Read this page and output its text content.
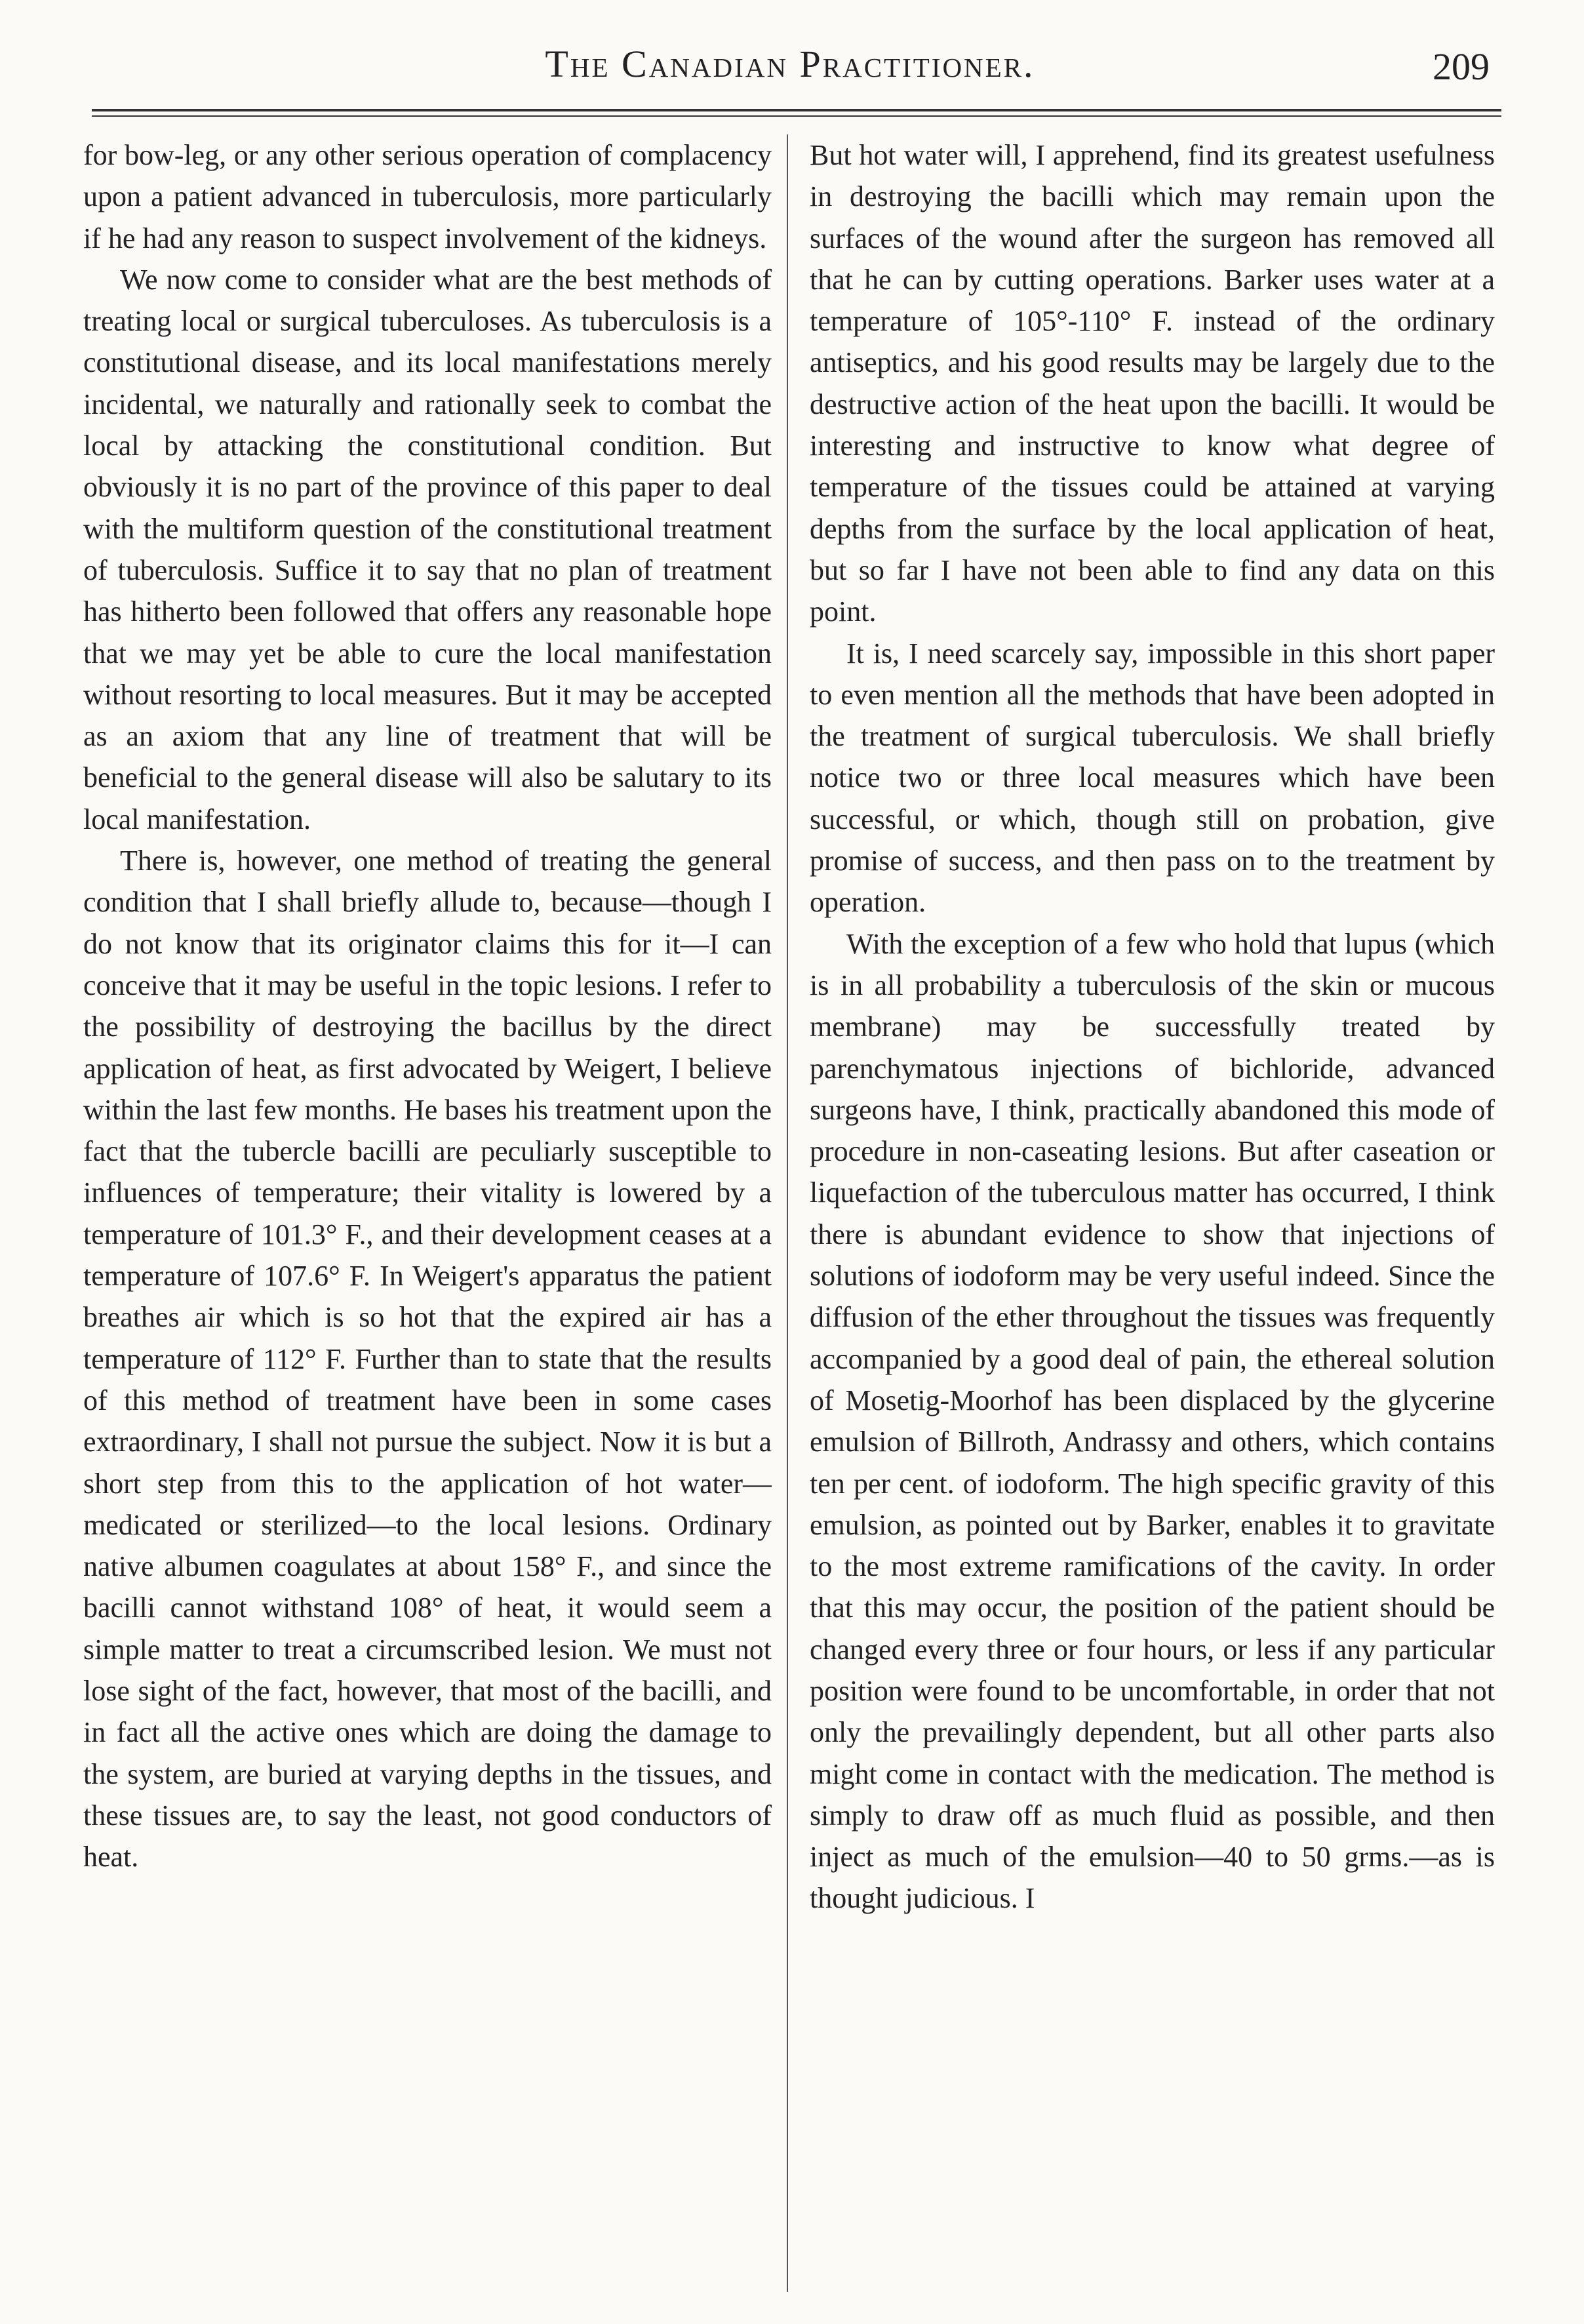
The Canadian Practitioner.	209

for bow-leg, or any other serious operation of complacency upon a patient advanced in tuberculosis, more particularly if he had any reason to suspect involvement of the kidneys.

We now come to consider what are the best methods of treating local or surgical tuberculoses. As tuberculosis is a constitutional disease, and its local manifestations merely incidental, we naturally and rationally seek to combat the local by attacking the constitutional condition. But obviously it is no part of the province of this paper to deal with the multiform question of the constitutional treatment of tuberculosis. Suffice it to say that no plan of treatment has hitherto been followed that offers any reasonable hope that we may yet be able to cure the local manifestation without resorting to local measures. But it may be accepted as an axiom that any line of treatment that will be beneficial to the general disease will also be salutary to its local manifestation.

There is, however, one method of treating the general condition that I shall briefly allude to, because—though I do not know that its originator claims this for it—I can conceive that it may be useful in the topic lesions. I refer to the possibility of destroying the bacillus by the direct application of heat, as first advocated by Weigert, I believe within the last few months. He bases his treatment upon the fact that the tubercle bacilli are peculiarly susceptible to influences of temperature; their vitality is lowered by a temperature of 101.3° F., and their development ceases at a temperature of 107.6° F. In Weigert's apparatus the patient breathes air which is so hot that the expired air has a temperature of 112° F. Further than to state that the results of this method of treatment have been in some cases extraordinary, I shall not pursue the subject. Now it is but a short step from this to the application of hot water—medicated or sterilized—to the local lesions. Ordinary native albumen coagulates at about 158° F., and since the bacilli cannot withstand 108° of heat, it would seem a simple matter to treat a circumscribed lesion. We must not lose sight of the fact, however, that most of the bacilli, and in fact all the active ones which are doing the damage to the system, are buried at varying depths in the tissues, and these tissues are, to say the least, not good conductors of heat.

But hot water will, I apprehend, find its greatest usefulness in destroying the bacilli which may remain upon the surfaces of the wound after the surgeon has removed all that he can by cutting operations. Barker uses water at a temperature of 105°-110° F. instead of the ordinary antiseptics, and his good results may be largely due to the destructive action of the heat upon the bacilli. It would be interesting and instructive to know what degree of temperature of the tissues could be attained at varying depths from the surface by the local application of heat, but so far I have not been able to find any data on this point.

It is, I need scarcely say, impossible in this short paper to even mention all the methods that have been adopted in the treatment of surgical tuberculosis. We shall briefly notice two or three local measures which have been successful, or which, though still on probation, give promise of success, and then pass on to the treatment by operation.

With the exception of a few who hold that lupus (which is in all probability a tuberculosis of the skin or mucous membrane) may be successfully treated by parenchymatous injections of bichloride, advanced surgeons have, I think, practically abandoned this mode of procedure in non-caseating lesions. But after caseation or liquefaction of the tuberculous matter has occurred, I think there is abundant evidence to show that injections of solutions of iodoform may be very useful indeed. Since the diffusion of the ether throughout the tissues was frequently accompanied by a good deal of pain, the ethereal solution of Mosetig-Moorhof has been displaced by the glycerine emulsion of Billroth, Andrassy and others, which contains ten per cent. of iodoform. The high specific gravity of this emulsion, as pointed out by Barker, enables it to gravitate to the most extreme ramifications of the cavity. In order that this may occur, the position of the patient should be changed every three or four hours, or less if any particular position were found to be uncomfortable, in order that not only the prevailingly dependent, but all other parts also might come in contact with the medication. The method is simply to draw off as much fluid as possible, and then inject as much of the emulsion—40 to 50 grms.—as is thought judicious. I
